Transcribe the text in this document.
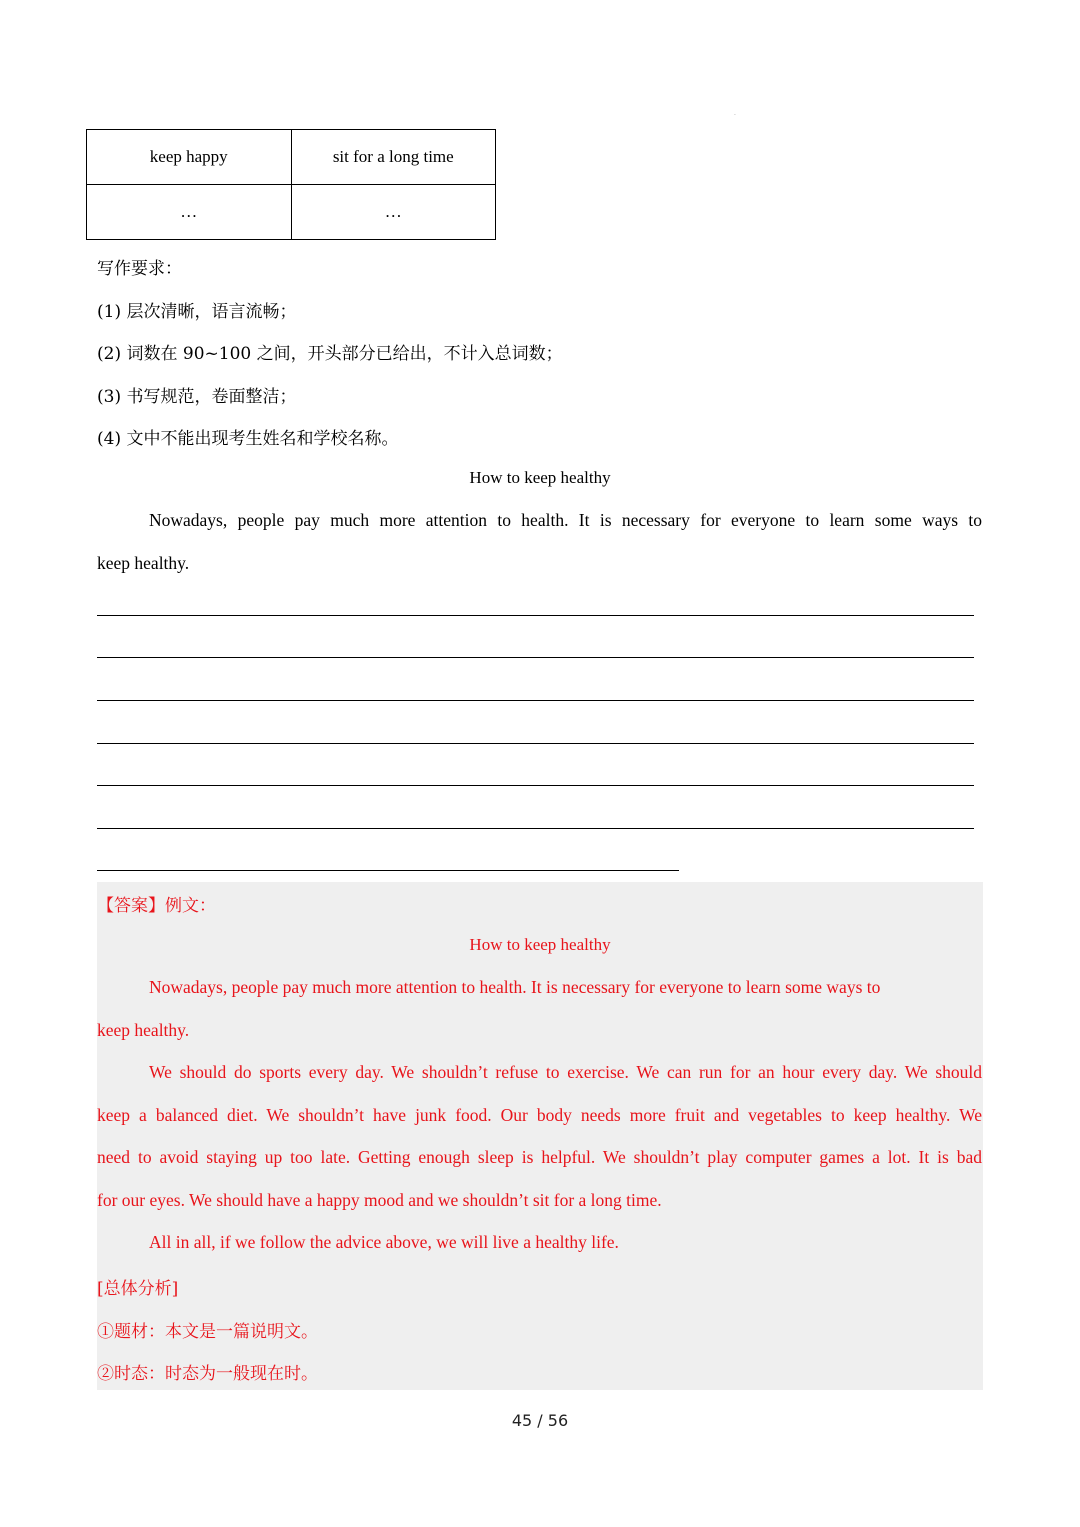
·
keep happy	sit for a long time
…	…
写作要求：
(1) 层次清晰，语言流畅；
(2) 词数在 90~100 之间，开头部分已给出，不计入总词数；
(3) 书写规范，卷面整洁；
(4) 文中不能出现考生姓名和学校名称。
How to keep healthy
Nowadays, people pay much more attention to health. It is necessary for everyone to learn some ways to
keep healthy.
【答案】例文：
How to keep healthy
Nowadays, people pay much more attention to health. It is necessary for everyone to learn some ways to
keep healthy.
We should do sports every day. We shouldn’t refuse to exercise. We can run for an hour every day. We should
keep a balanced diet. We shouldn’t have junk food. Our body needs more fruit and vegetables to keep healthy. We
need to avoid staying up too late. Getting enough sleep is helpful. We shouldn’t play computer games a lot. It is bad
for our eyes. We should have a happy mood and we shouldn’t sit for a long time.
All in all, if we follow the advice above, we will live a healthy life.
[总体分析]
①题材：本文是一篇说明文。
②时态：时态为一般现在时。
45 / 56
